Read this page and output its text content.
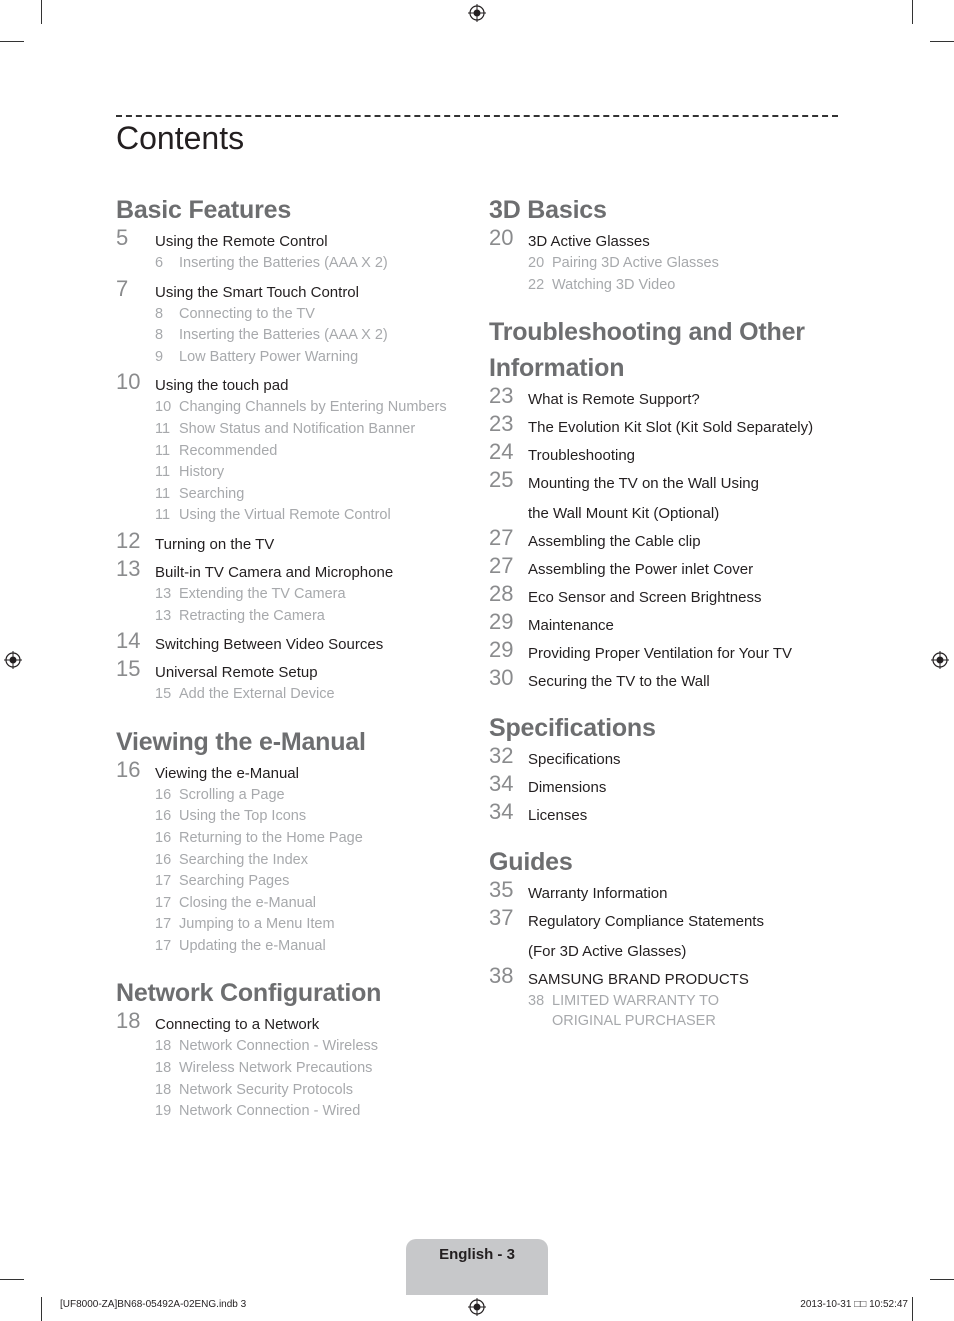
Contents
Basic Features
5 Using the Remote Control
6 Inserting the Batteries (AAA X 2)
7 Using the Smart Touch Control
8 Connecting to the TV
8 Inserting the Batteries (AAA X 2)
9 Low Battery Power Warning
10 Using the touch pad
10 Changing Channels by Entering Numbers
11 Show Status and Notification Banner
11 Recommended
11 History
11 Searching
11 Using the Virtual Remote Control
12 Turning on the TV
13 Built-in TV Camera and Microphone
13 Extending the TV Camera
13 Retracting the Camera
14 Switching Between Video Sources
15 Universal Remote Setup
15 Add the External Device
Viewing the e-Manual
16 Viewing the e-Manual
16 Scrolling a Page
16 Using the Top Icons
16 Returning to the Home Page
16 Searching the Index
17 Searching Pages
17 Closing the e-Manual
17 Jumping to a Menu Item
17 Updating the e-Manual
Network Configuration
18 Connecting to a Network
18 Network Connection - Wireless
18 Wireless Network Precautions
18 Network Security Protocols
19 Network Connection - Wired
3D Basics
20 3D Active Glasses
20 Pairing 3D Active Glasses
22 Watching 3D Video
Troubleshooting and Other Information
23 What is Remote Support?
23 The Evolution Kit Slot (Kit Sold Separately)
24 Troubleshooting
25 Mounting the TV on the Wall Using
the Wall Mount Kit (Optional)
27 Assembling the Cable clip
27 Assembling the Power inlet Cover
28 Eco Sensor and Screen Brightness
29 Maintenance
29 Providing Proper Ventilation for Your TV
30 Securing the TV to the Wall
Specifications
32 Specifications
34 Dimensions
34 Licenses
Guides
35 Warranty Information
37 Regulatory Compliance Statements
(For 3D Active Glasses)
38 SAMSUNG BRAND PRODUCTS
38 LIMITED WARRANTY TO
ORIGINAL PURCHASER
English - 3
[UF8000-ZA]BN68-05492A-02ENG.indb 3	2013-10-31 □□ 10:52:47
